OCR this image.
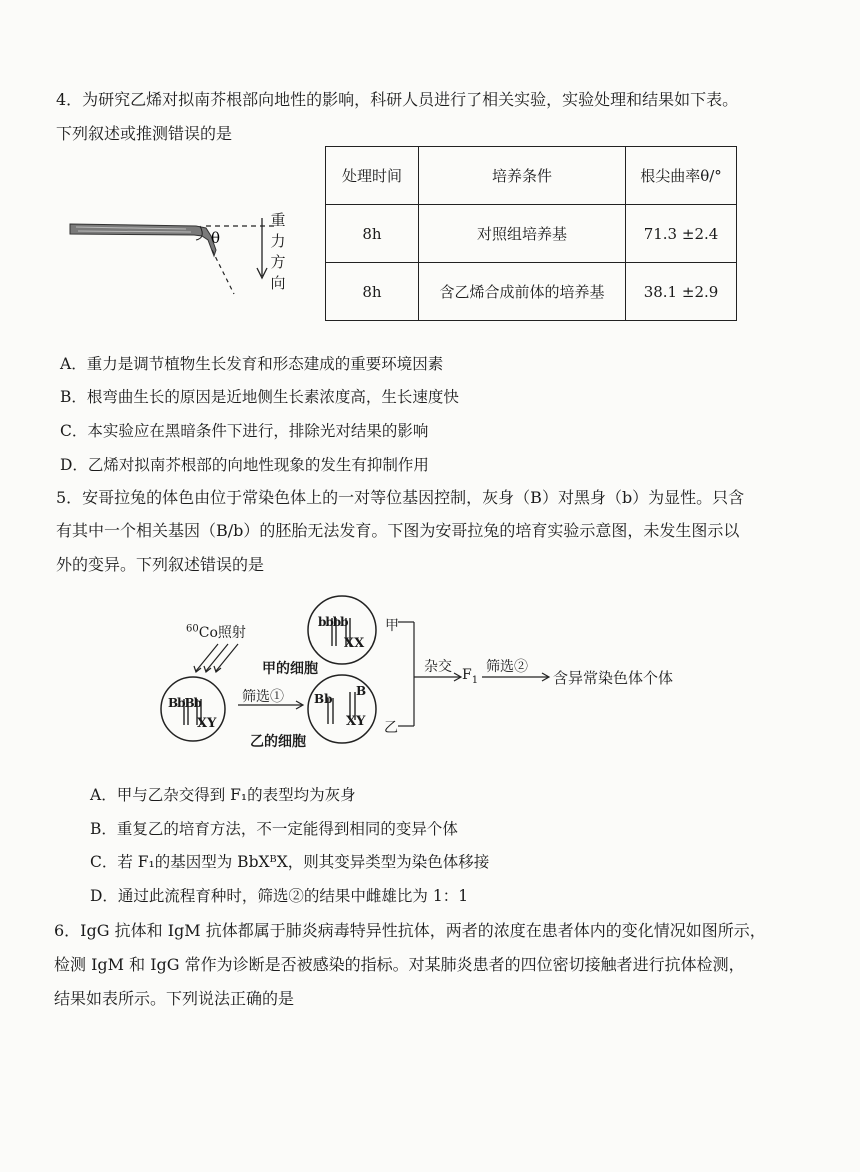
4．为研究乙烯对拟南芥根部向地性的影响，科研人员进行了相关实验，实验处理和结果如下表。
下列叙述或推测错误的是
θ
重
力
方
向
处理时间	培养条件	根尖曲率θ/°
8h	对照组培养基	71.3 ±2.4
8h	含乙烯合成前体的培养基	38.1 ±2.9
A．重力是调节植物生长发育和形态建成的重要环境因素
B．根弯曲生长的原因是近地侧生长素浓度高，生长速度快
C．本实验应在黑暗条件下进行，排除光对结果的影响
D．乙烯对拟南芥根部的向地性现象的发生有抑制作用
5．安哥拉兔的体色由位于常染色体上的一对等位基因控制，灰身（B）对黑身（b）为显性。只含
有其中一个相关基因（B/b）的胚胎无法发育。下图为安哥拉兔的培育实验示意图，未发生图示以
外的变异。下列叙述错误的是
$^{60}$Co照射
甲的细胞
乙的细胞
BbBb
XY
bbbb
XX
Bb
B
XY
筛选①
甲
乙
杂交 $F_1$
筛选②
含异常染色体个体
A．甲与乙杂交得到 F₁的表型均为灰身
B．重复乙的培育方法，不一定能得到相同的变异个体
C．若 F₁的基因型为 BbXᴮX，则其变异类型为染色体移接
D．通过此流程育种时，筛选②的结果中雌雄比为 1：1
6．IgG 抗体和 IgM 抗体都属于肺炎病毒特异性抗体，两者的浓度在患者体内的变化情况如图所示，
检测 IgM 和 IgG 常作为诊断是否被感染的指标。对某肺炎患者的四位密切接触者进行抗体检测，
结果如表所示。下列说法正确的是
